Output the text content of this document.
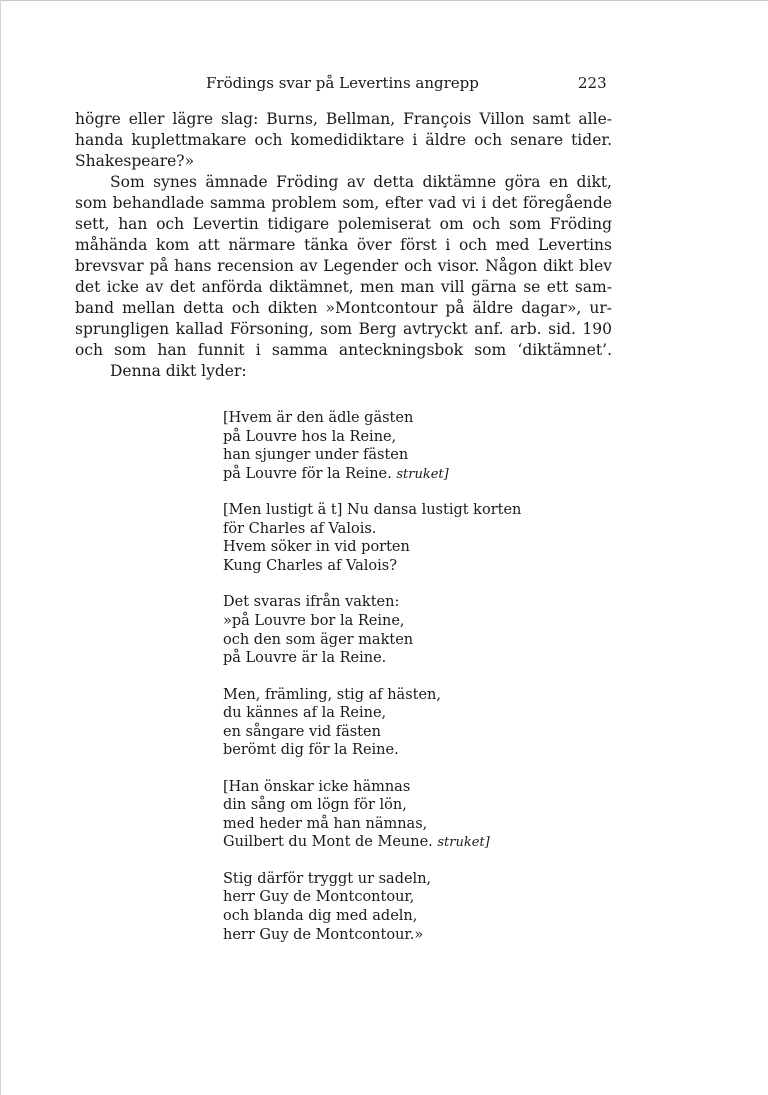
Frödings svar på Levertins angrepp	223
högre eller lägre slag: Burns, Bellman, François Villon samt alle-
handa kuplettmakare och komedidiktare i äldre och senare tider.
Shakespeare?»
Som synes ämnade Fröding av detta diktämne göra en dikt,
som behandlade samma problem som, efter vad vi i det föregående
sett, han och Levertin tidigare polemiserat om och som Fröding
måhända kom att närmare tänka över först i och med Levertins
brevsvar på hans recension av Legender och visor. Någon dikt blev
det icke av det anförda diktämnet, men man vill gärna se ett sam-
band mellan detta och dikten »Montcontour på äldre dagar», ur-
sprungligen kallad Försoning, som Berg avtryckt anf. arb. sid. 190
och som han funnit i samma anteckningsbok som ‘diktämnet’.
Denna dikt lyder:
[Hvem är den ädle gästen
på Louvre hos la Reine,
han sjunger under fästen
på Louvre för la Reine. struket]
[Men lustigt ä t] Nu dansa lustigt korten
för Charles af Valois.
Hvem söker in vid porten
Kung Charles af Valois?
Det svaras ifrån vakten:
»på Louvre bor la Reine,
och den som äger makten
på Louvre är la Reine.
Men, främling, stig af hästen,
du kännes af la Reine,
en sångare vid fästen
berömt dig för la Reine.
[Han önskar icke hämnas
din sång om lögn för lön,
med heder må han nämnas,
Guilbert du Mont de Meune. struket]
Stig därför tryggt ur sadeln,
herr Guy de Montcontour,
och blanda dig med adeln,
herr Guy de Montcontour.»
